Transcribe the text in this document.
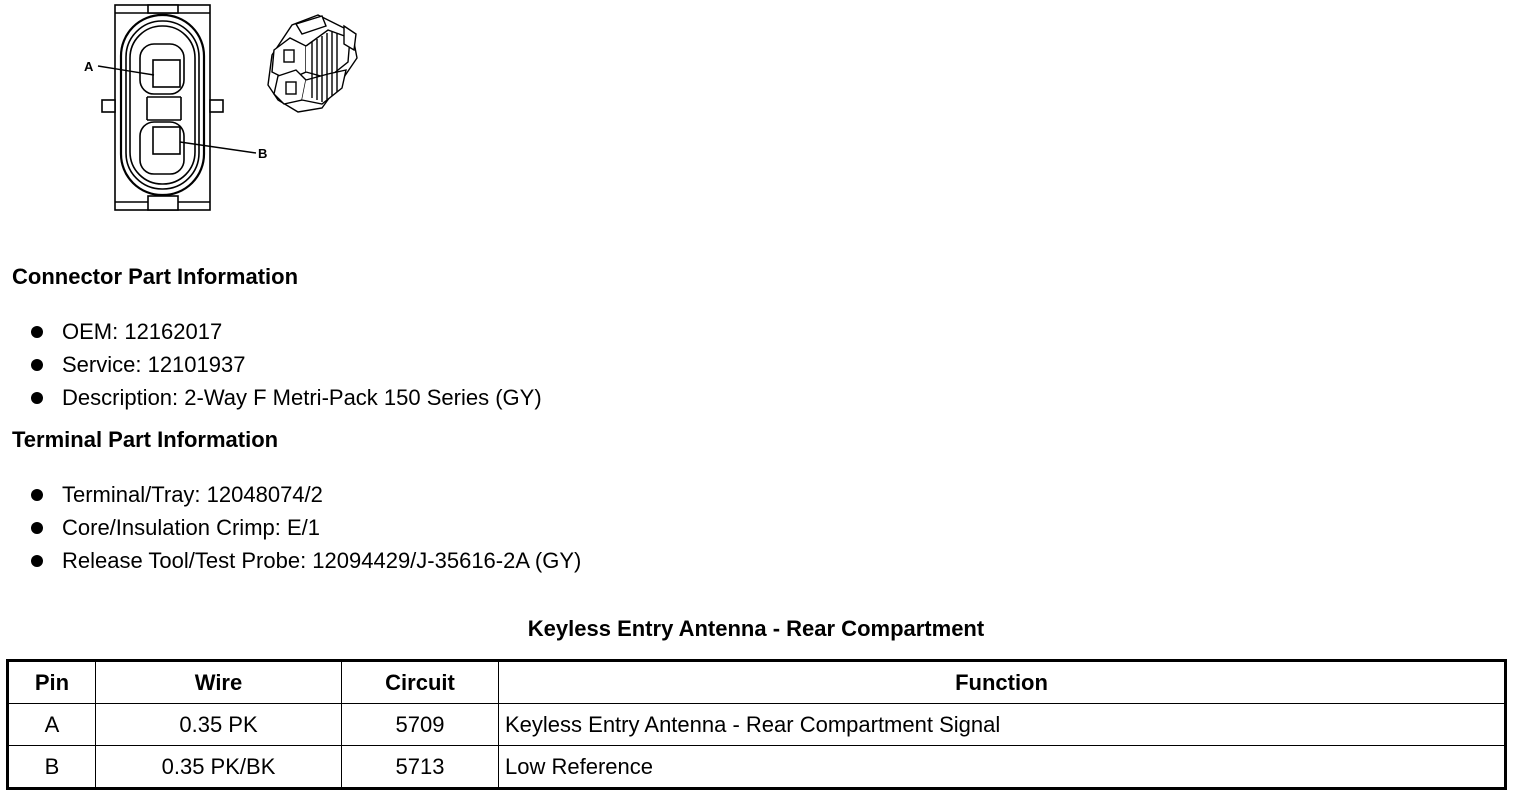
A
B
Connector Part Information
OEM: 12162017
Service: 12101937
Description: 2-Way F Metri-Pack 150 Series (GY)
Terminal Part Information
Terminal/Tray: 12048074/2
Core/Insulation Crimp: E/1
Release Tool/Test Probe: 12094429/J-35616-2A (GY)
Keyless Entry Antenna - Rear Compartment
Pin	Wire	Circuit	Function
A	0.35 PK	5709	Keyless Entry Antenna - Rear Compartment Signal
B	0.35 PK/BK	5713	Low Reference
